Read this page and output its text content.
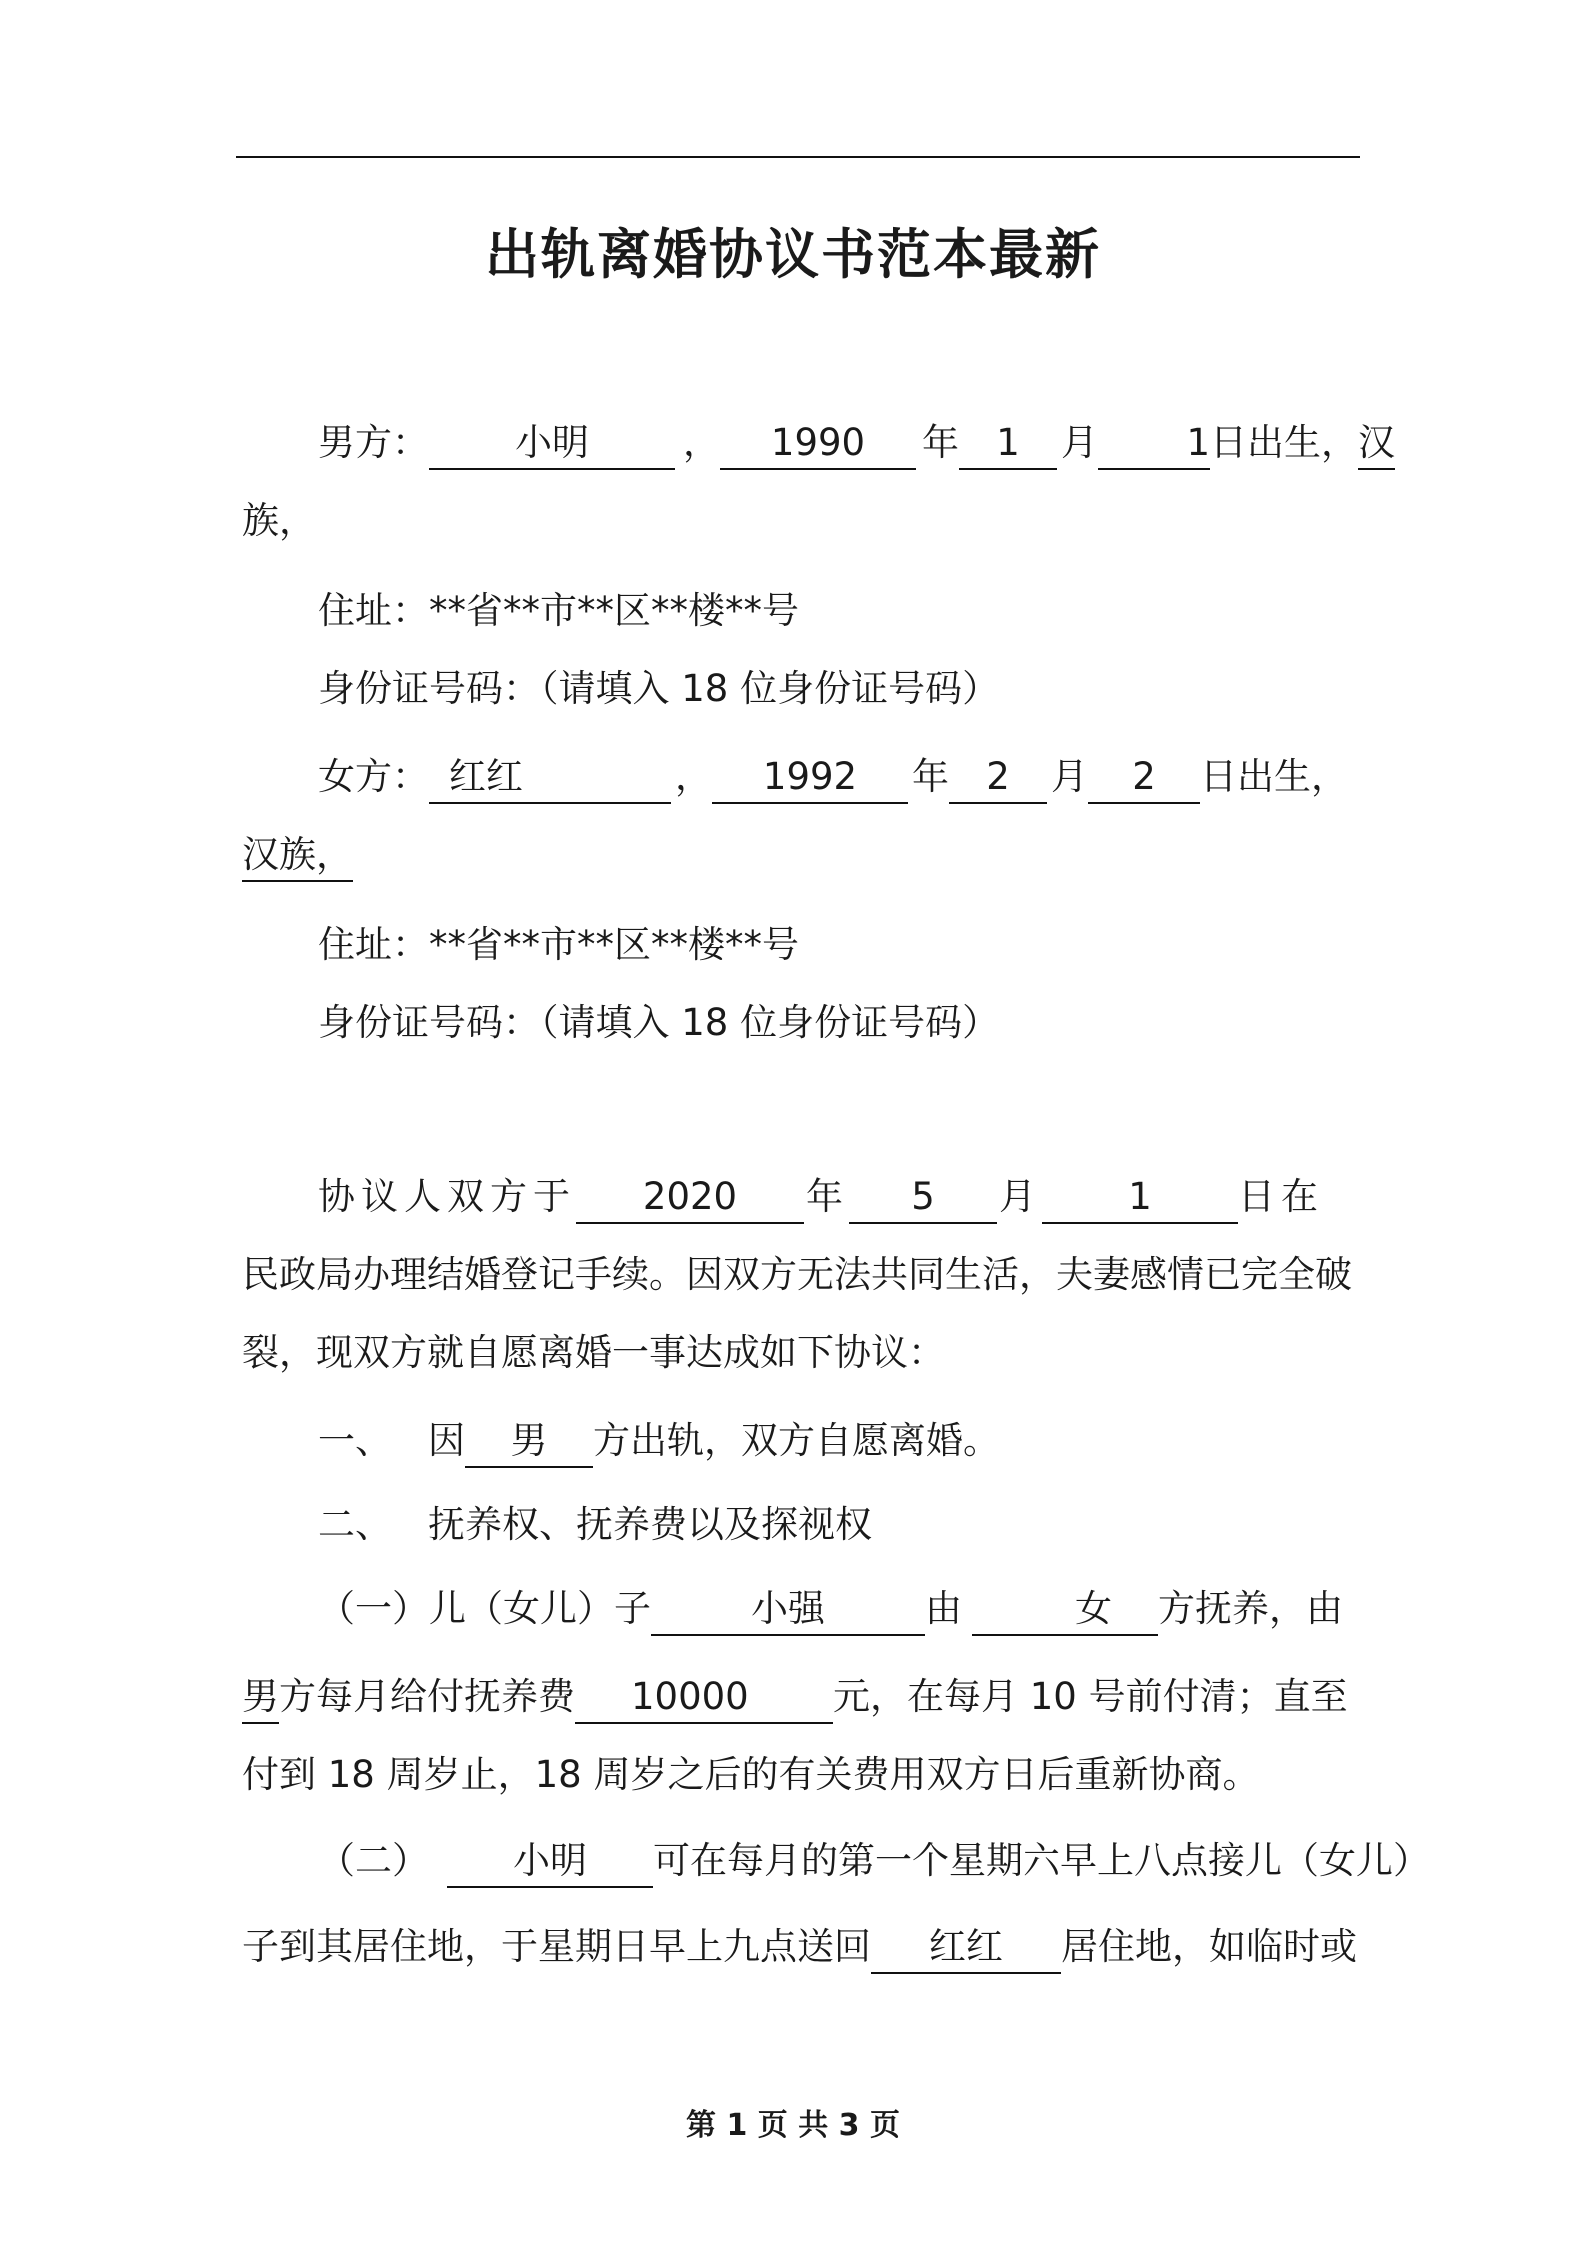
出轨离婚协议书范本最新
男方： 小明	， 1990 年 1 月 1日出生，汉
族，
住址：**省**市**区**楼**号
身份证号码：（请填入 18 位身份证号码）
女方： 红红	， 1992 年 2 月 2 日出生，
汉族，
住址：**省**市**区**楼**号
身份证号码：（请填入 18 位身份证号码）
协议人双方于 2020 年 5 月 1 日在
民政局办理结婚登记手续。因双方无法共同生活，夫妻感情已完全破
裂，现双方就自愿离婚一事达成如下协议：
一、 因 男 方出轨，双方自愿离婚。
二、 抚养权、抚养费以及探视权
（一）儿（女儿）子	小强	由	女 方抚养，由
男方每月给付抚养费 10000 元，在每月 10 号前付清；直至
付到 18 周岁止，18 周岁之后的有关费用双方日后重新协商。
（二） 小明 可在每月的第一个星期六早上八点接儿（女儿）
子到其居住地，于星期日早上九点送回 红红 居住地，如临时或
第 1 页 共 3 页
